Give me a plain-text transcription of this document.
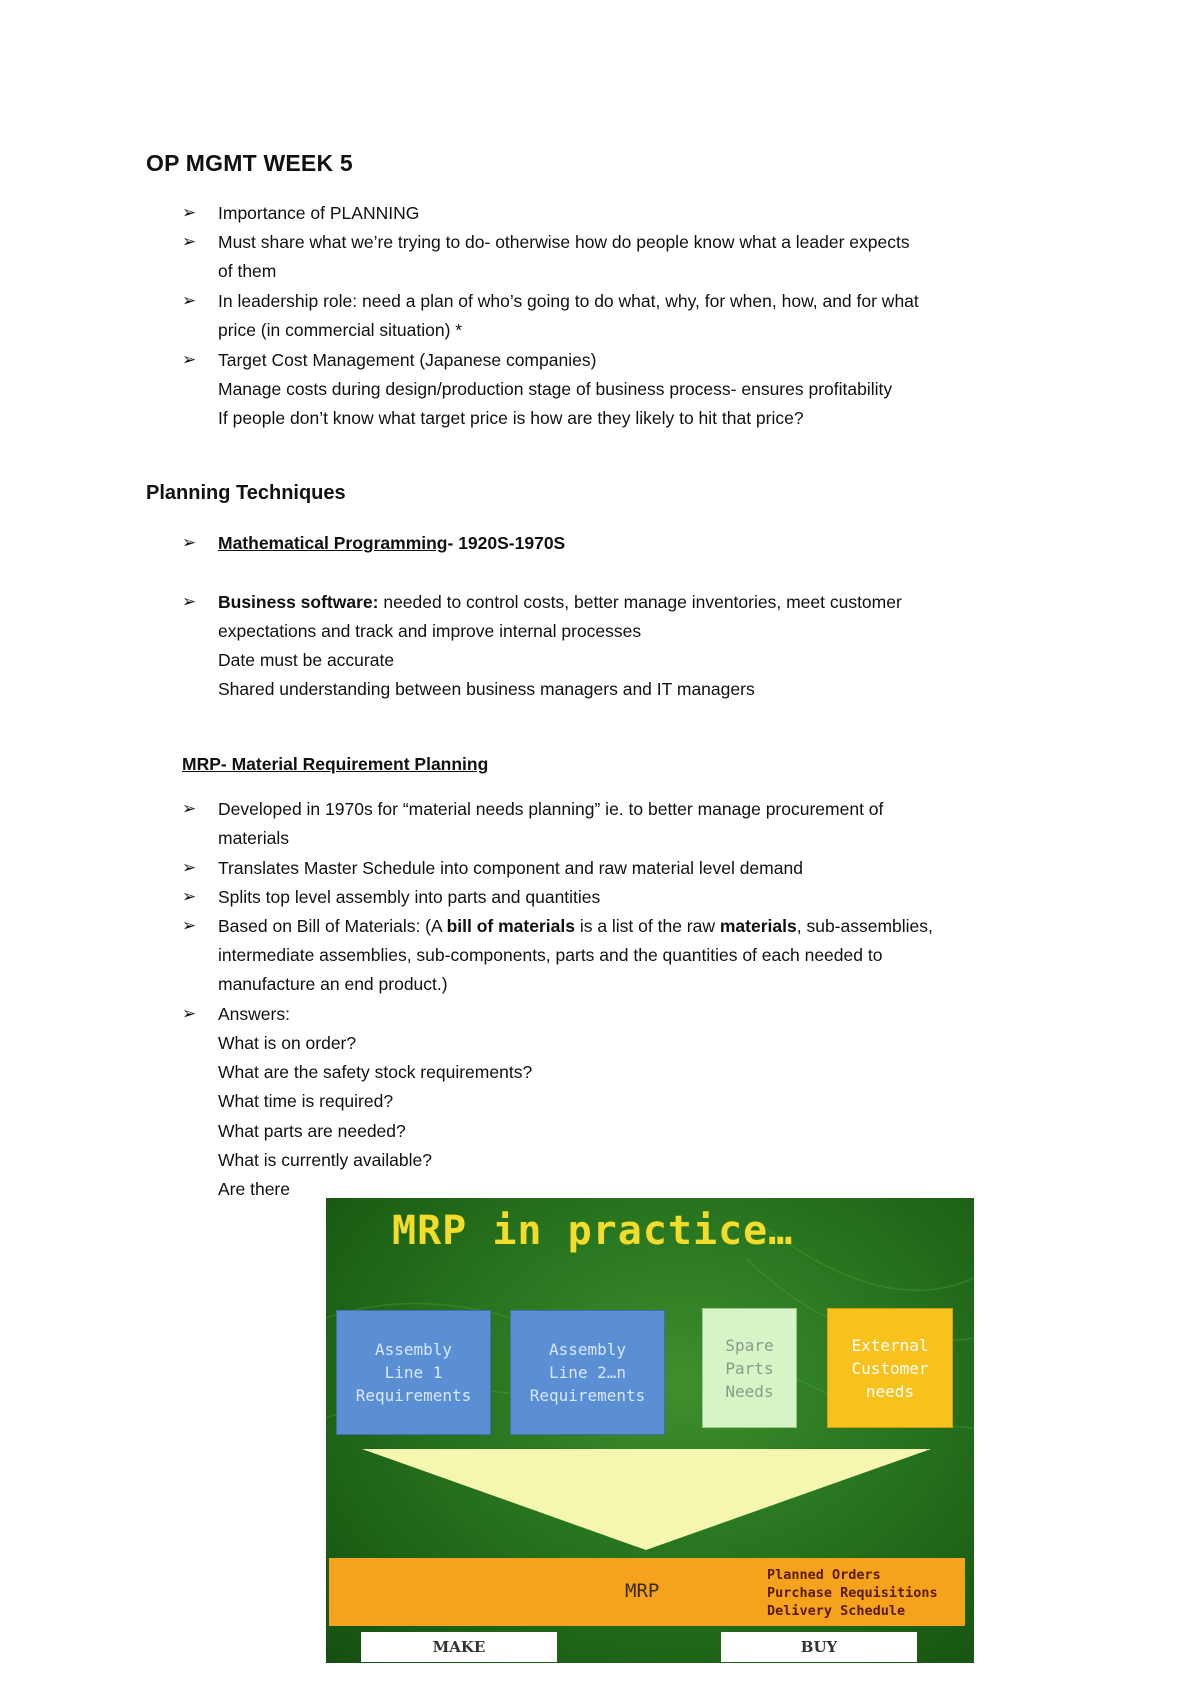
OP MGMT WEEK 5
➢ Importance of PLANNING
➢ Must share what we’re trying to do- otherwise how do people know what a leader expects
of them
➢ In leadership role: need a plan of who’s going to do what, why, for when, how, and for what
price (in commercial situation) *
➢ Target Cost Management (Japanese companies)
Manage costs during design/production stage of business process- ensures profitability
If people don’t know what target price is how are they likely to hit that price?
Planning Techniques
➢ Mathematical Programming- 1920S-1970S
➢ Business software: needed to control costs, better manage inventories, meet customer
expectations and track and improve internal processes
Date must be accurate
Shared understanding between business managers and IT managers
MRP- Material Requirement Planning
➢ Developed in 1970s for “material needs planning” ie. to better manage procurement of
materials
➢ Translates Master Schedule into component and raw material level demand
➢ Splits top level assembly into parts and quantities
➢ Based on Bill of Materials: (A bill of materials is a list of the raw materials, sub-assemblies,
intermediate assemblies, sub-components, parts and the quantities of each needed to
manufacture an end product.)
➢ Answers:
What is on order?
What are the safety stock requirements?
What time is required?
What parts are needed?
What is currently available?
Are there
MRP in practice…
Assembly
Line 1
Requirements
Assembly
Line 2…n
Requirements
Spare
Parts
Needs
External
Customer
needs
MRP
Planned Orders
Purchase Requisitions
Delivery Schedule
MAKE	BUY
